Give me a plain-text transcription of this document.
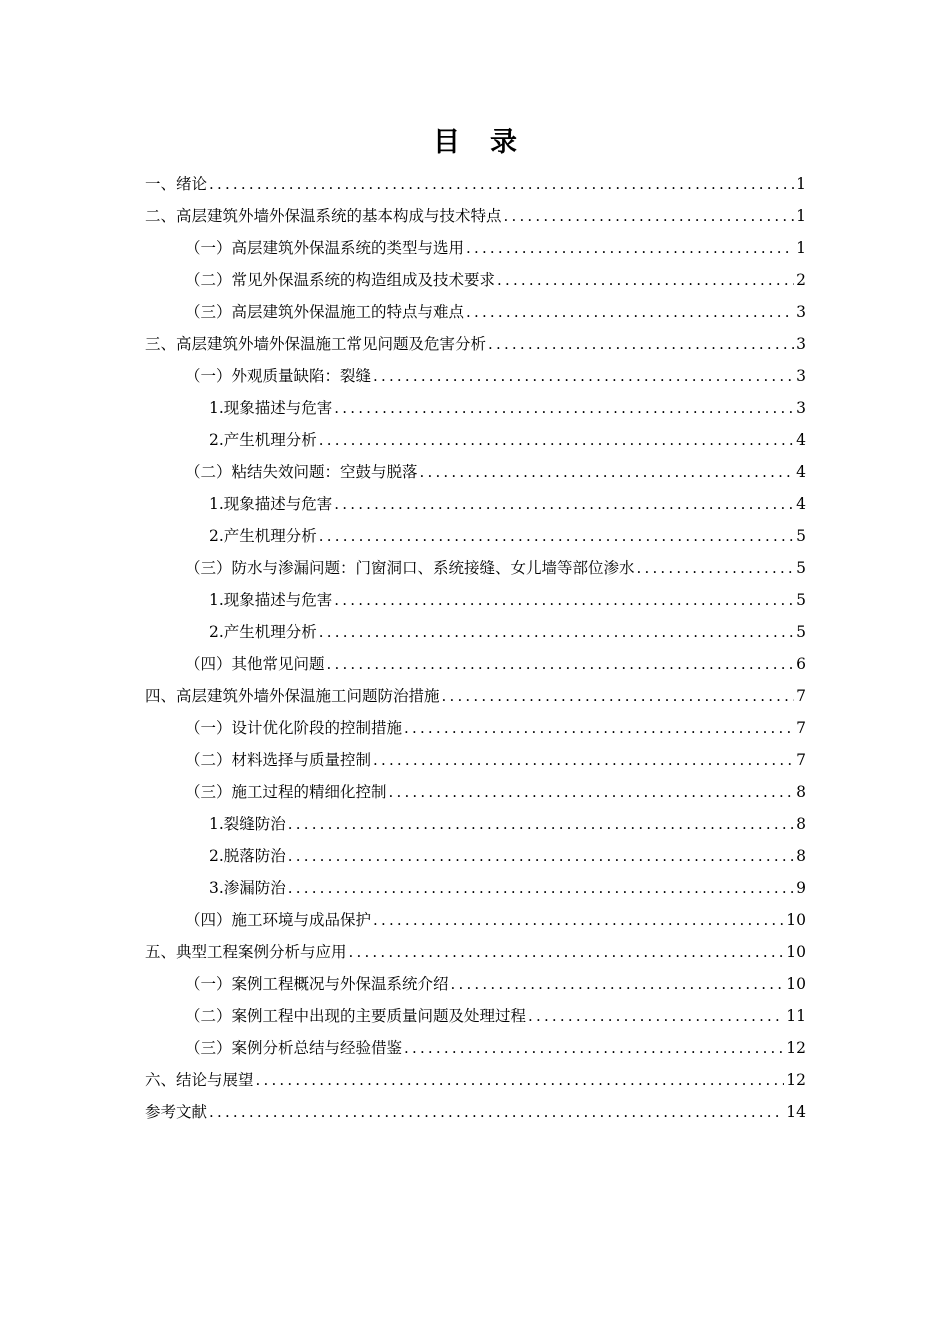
目录
一、绪论 .....	1
二、高层建筑外墙外保温系统的基本构成与技术特点 .....	1
（一）高层建筑外保温系统的类型与选用 .....	1
（二）常见外保温系统的构造组成及技术要求 .....	2
（三）高层建筑外保温施工的特点与难点 .....	3
三、高层建筑外墙外保温施工常见问题及危害分析 .....	3
（一）外观质量缺陷：裂缝 .....	3
1.现象描述与危害 .....	3
2.产生机理分析 .....	4
（二）粘结失效问题：空鼓与脱落 .....	4
1.现象描述与危害 .....	4
2.产生机理分析 .....	5
（三）防水与渗漏问题：门窗洞口、系统接缝、女儿墙等部位渗水 .....	5
1.现象描述与危害 .....	5
2.产生机理分析 .....	5
（四）其他常见问题 .....	6
四、高层建筑外墙外保温施工问题防治措施 .....	7
（一）设计优化阶段的控制措施 .....	7
（二）材料选择与质量控制 .....	7
（三）施工过程的精细化控制 .....	8
1.裂缝防治 .....	8
2.脱落防治 .....	8
3.渗漏防治 .....	9
（四）施工环境与成品保护 .....	10
五、典型工程案例分析与应用 .....	10
（一）案例工程概况与外保温系统介绍 .....	10
（二）案例工程中出现的主要质量问题及处理过程 .....	11
（三）案例分析总结与经验借鉴 .....	12
六、结论与展望 .....	12
参考文献 .....	14
